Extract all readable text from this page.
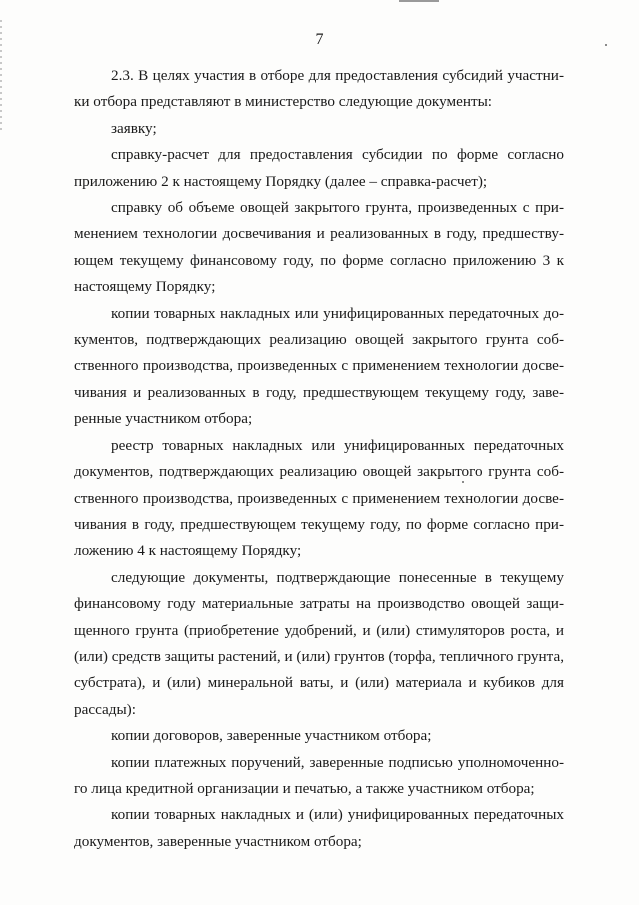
7

2.3. В целях участия в отборе для предоставления субсидий участники отбора представляют в министерство следующие документы:

заявку;

справку-расчет для предоставления субсидии по форме согласно приложению 2 к настоящему Порядку (далее – справка-расчет);

справку об объеме овощей закрытого грунта, произведенных с применением технологии досвечивания и реализованных в году, предшествующем текущему финансовому году, по форме согласно приложению 3 к настоящему Порядку;

копии товарных накладных или унифицированных передаточных документов, подтверждающих реализацию овощей закрытого грунта собственного производства, произведенных с применением технологии досвечивания и реализованных в году, предшествующем текущему году, заверенные участником отбора;

реестр товарных накладных или унифицированных передаточных документов, подтверждающих реализацию овощей закрытого грунта собственного производства, произведенных с применением технологии досвечивания в году, предшествующем текущему году, по форме согласно приложению 4 к настоящему Порядку;

следующие документы, подтверждающие понесенные в текущему финансовому году материальные затраты на производство овощей защищенного грунта (приобретение удобрений, и (или) стимуляторов роста, и (или) средств защиты растений, и (или) грунтов (торфа, тепличного грунта, субстрата), и (или) минеральной ваты, и (или) материала и кубиков для рассады):

копии договоров, заверенные участником отбора;

копии платежных поручений, заверенные подписью уполномоченного лица кредитной организации и печатью, а также участником отбора;

копии товарных накладных и (или) унифицированных передаточных документов, заверенные участником отбора;
